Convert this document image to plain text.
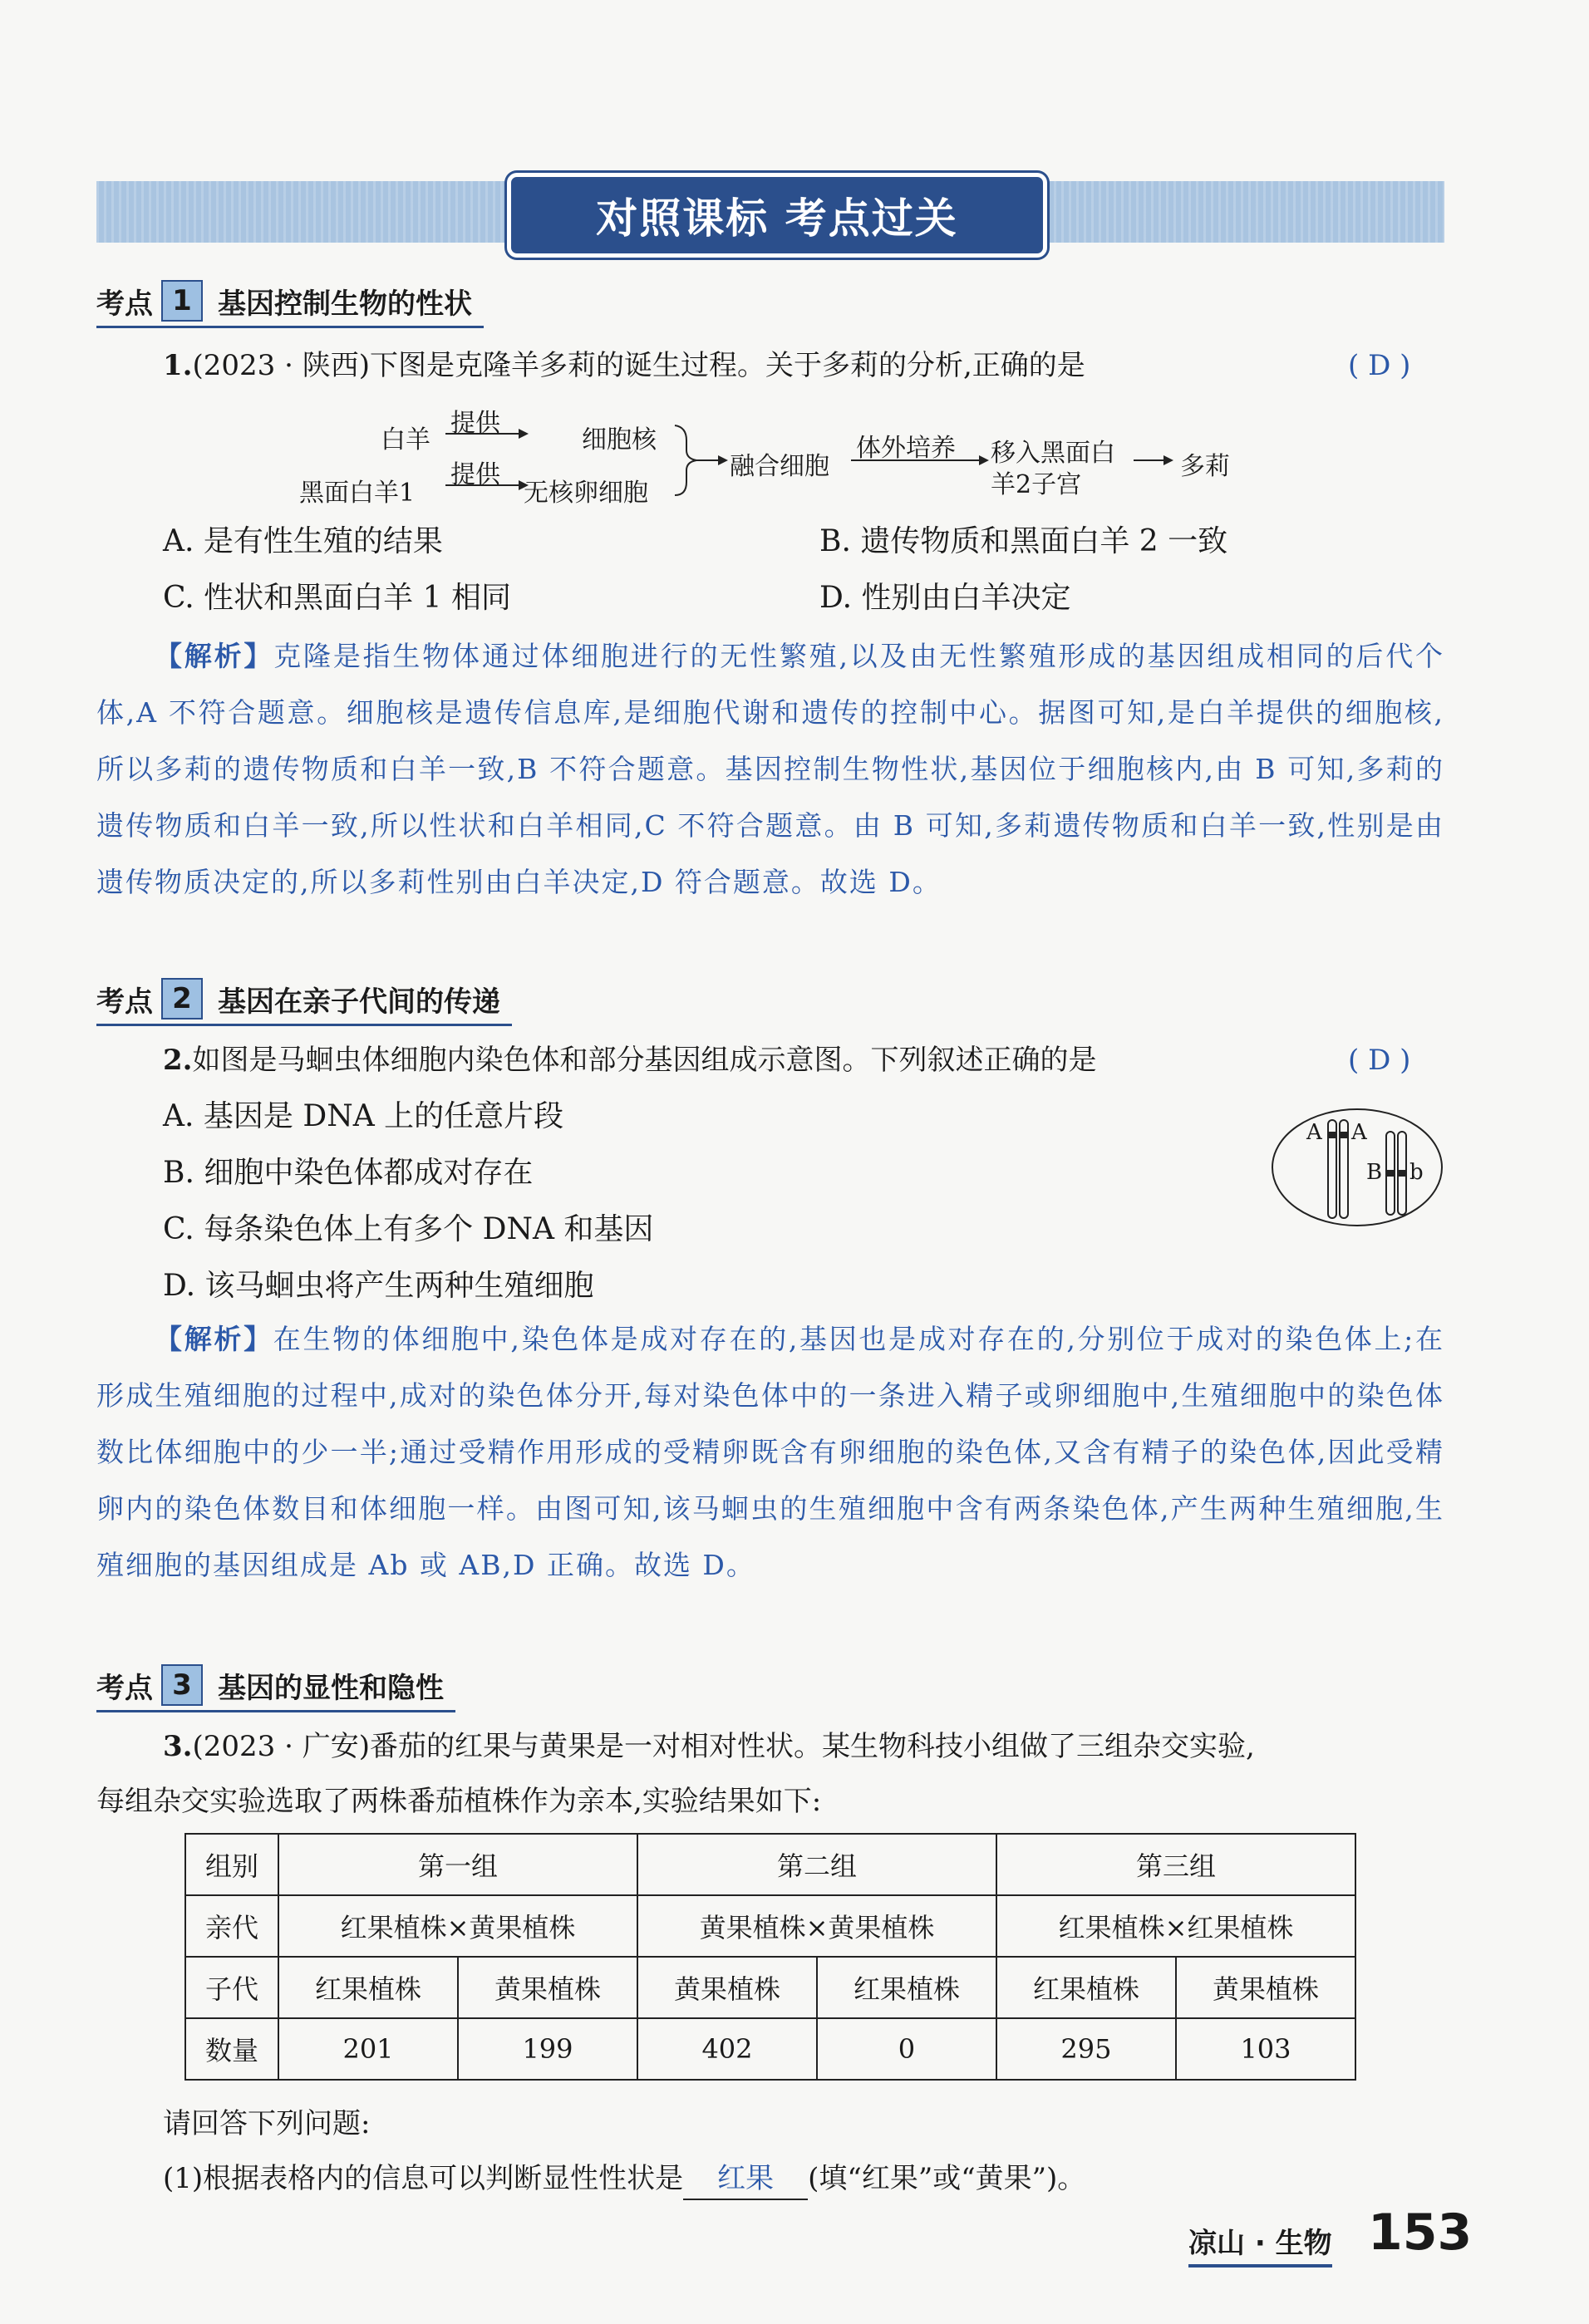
对照课标 考点过关
考点 1 基因控制生物的性状
1.(2023 · 陕西)下图是克隆羊多莉的诞生过程。关于多莉的分析,正确的是	( D )
白羊
黑面白羊1
提供
提供
细胞核
无核卵细胞
融合细胞
体外培养 移入黑面白
羊2子宫
多莉
A. 是有性生殖的结果	B. 遗传物质和黑面白羊 2 一致
C. 性状和黑面白羊 1 相同	D. 性别由白羊决定
【解析】克隆是指生物体通过体细胞进行的无性繁殖,以及由无性繁殖形成的基因组成相同的后代个体,A 不符合题意。细胞核是遗传信息库,是细胞代谢和遗传的控制中心。据图可知,是白羊提供的细胞核,所以多莉的遗传物质和白羊一致,B 不符合题意。基因控制生物性状,基因位于细胞核内,由 B 可知,多莉的遗传物质和白羊一致,所以性状和白羊相同,C 不符合题意。由 B 可知,多莉遗传物质和白羊一致,性别是由遗传物质决定的,所以多莉性别由白羊决定,D 符合题意。故选 D。
考点 2 基因在亲子代间的传递
2.如图是马蛔虫体细胞内染色体和部分基因组成示意图。下列叙述正确的是	( D )
A. 基因是 DNA 上的任意片段
B. 细胞中染色体都成对存在
C. 每条染色体上有多个 DNA 和基因
D. 该马蛔虫将产生两种生殖细胞
A A
B b
【解析】在生物的体细胞中,染色体是成对存在的,基因也是成对存在的,分别位于成对的染色体上;在形成生殖细胞的过程中,成对的染色体分开,每对染色体中的一条进入精子或卵细胞中,生殖细胞中的染色体数比体细胞中的少一半;通过受精作用形成的受精卵既含有卵细胞的染色体,又含有精子的染色体,因此受精卵内的染色体数目和体细胞一样。由图可知,该马蛔虫的生殖细胞中含有两条染色体,产生两种生殖细胞,生殖细胞的基因组成是 Ab 或 AB,D 正确。故选 D。
考点 3 基因的显性和隐性
3.(2023 · 广安)番茄的红果与黄果是一对相对性状。某生物科技小组做了三组杂交实验,
每组杂交实验选取了两株番茄植株作为亲本,实验结果如下:
组别	第一组		第二组		第三组	
亲代	红果植株×黄果植株		黄果植株×黄果植株		红果植株×红果植株	
子代	红果植株	黄果植株	黄果植株	红果植株	红果植株	黄果植株
数量	201	199	402	0	295	103
请回答下列问题:
(1)根据表格内的信息可以判断显性性状是 红果 (填“红果”或“黄果”)。
凉山 · 生物 153
